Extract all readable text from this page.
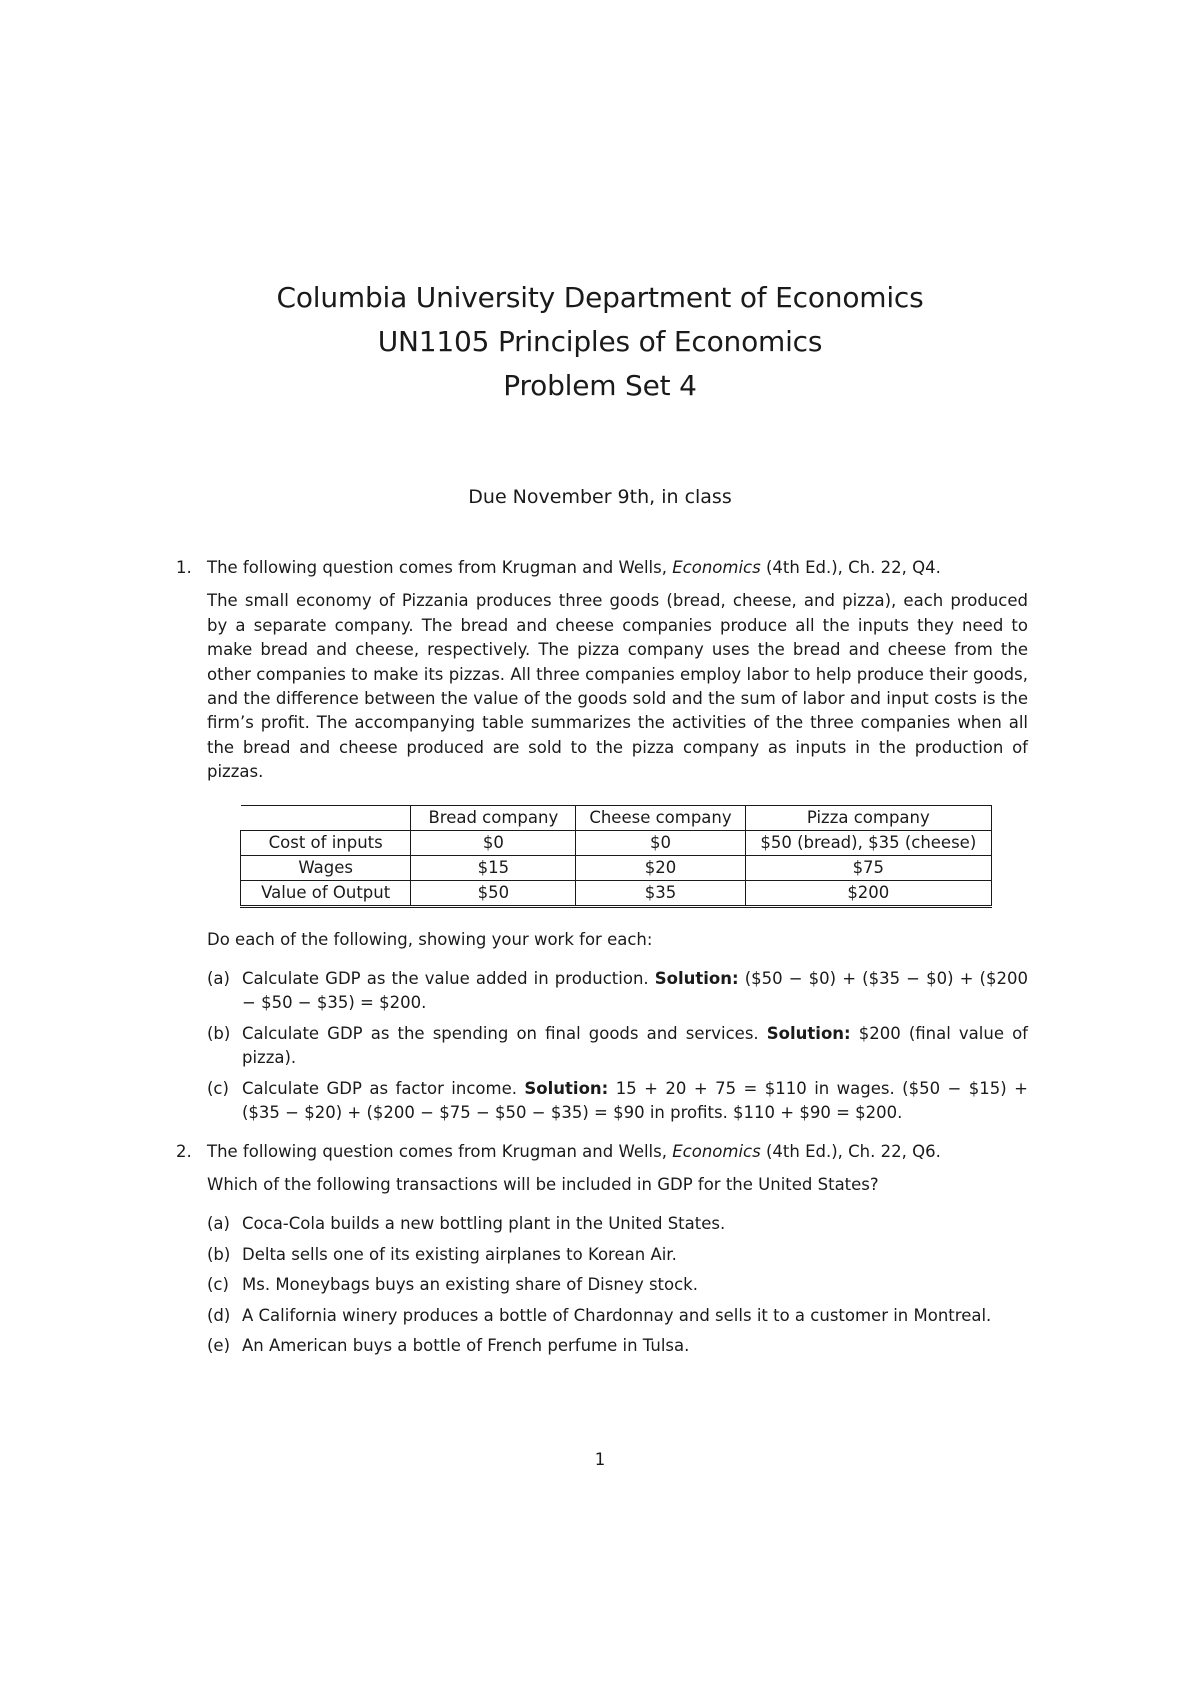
Columbia University Department of Economics
UN1105 Principles of Economics
Problem Set 4
Due November 9th, in class
1. The following question comes from Krugman and Wells, Economics (4th Ed.), Ch. 22, Q4.

The small economy of Pizzania produces three goods (bread, cheese, and pizza), each produced by a separate company. The bread and cheese companies produce all the inputs they need to make bread and cheese, respectively. The pizza company uses the bread and cheese from the other companies to make its pizzas. All three companies employ labor to help produce their goods, and the difference between the value of the goods sold and the sum of labor and input costs is the firm’s profit. The accompanying table summarizes the activities of the three companies when all the bread and cheese produced are sold to the pizza company as inputs in the production of pizzas.

	Bread company	Cheese company	Pizza company
Cost of inputs	$0	$0	$50 (bread), $35 (cheese)
Wages	$15	$20	$75
Value of Output	$50	$35	$200

Do each of the following, showing your work for each:

(a) Calculate GDP as the value added in production. Solution: ($50 − $0) + ($35 − $0) + ($200 − $50 − $35) = $200.

(b) Calculate GDP as the spending on final goods and services. Solution: $200 (final value of pizza).

(c) Calculate GDP as factor income. Solution: 15 + 20 + 75 = $110 in wages. ($50 − $15) + ($35 − $20) + ($200 − $75 − $50 − $35) = $90 in profits. $110 + $90 = $200.

2. The following question comes from Krugman and Wells, Economics (4th Ed.), Ch. 22, Q6.

Which of the following transactions will be included in GDP for the United States?

(a) Coca-Cola builds a new bottling plant in the United States.

(b) Delta sells one of its existing airplanes to Korean Air.

(c) Ms. Moneybags buys an existing share of Disney stock.

(d) A California winery produces a bottle of Chardonnay and sells it to a customer in Montreal.

(e) An American buys a bottle of French perfume in Tulsa.

1
